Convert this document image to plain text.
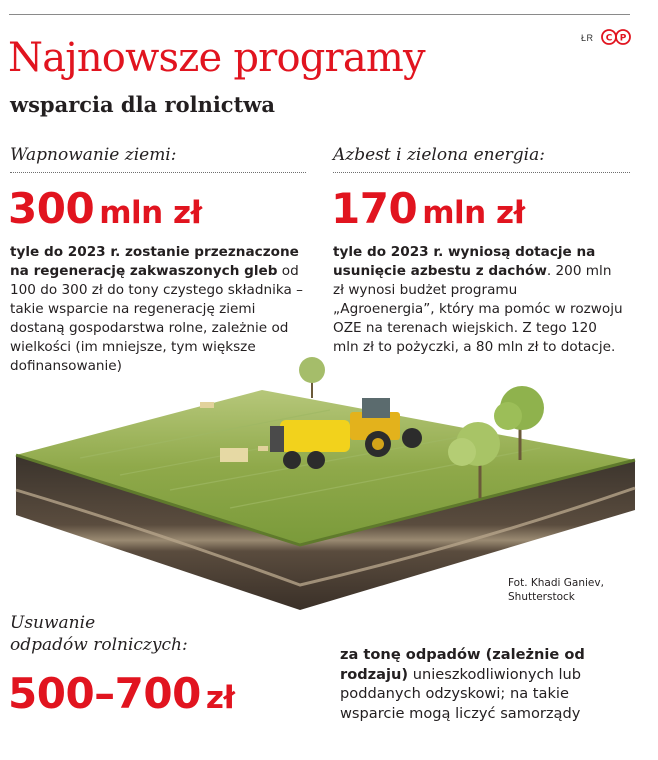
ŁR C P
Najnowsze programy
wsparcia dla rolnictwa
Wapnowanie ziemi:
300 mln zł

tyle do 2023 r. zostanie przeznaczone na regenerację zakwaszonych gleb od 100 do 300 zł do tony czystego składnika – takie wsparcie na regenerację ziemi dostaną gospodarstwa rolne, zależnie od wielkości (im mniejsze, tym większe dofinansowanie)

Azbest i zielona energia:
170 mln zł

tyle do 2023 r. wyniosą dotacje na usunięcie azbestu z dachów. 200 mln zł wynosi budżet programu „Agroenergia”, który ma pomóc w rozwoju OZE na terenach wiejskich. Z tego 120 mln zł to pożyczki, a 80 mln zł to dotacje.

Fot. Khadi Ganiev,
Shutterstock
Usuwanie
odpadów rolniczych:
500–700 zł

za tonę odpadów (zależnie od rodzaju) unieszkodliwionych lub poddanych odzyskowi; na takie wsparcie mogą liczyć samorządy
